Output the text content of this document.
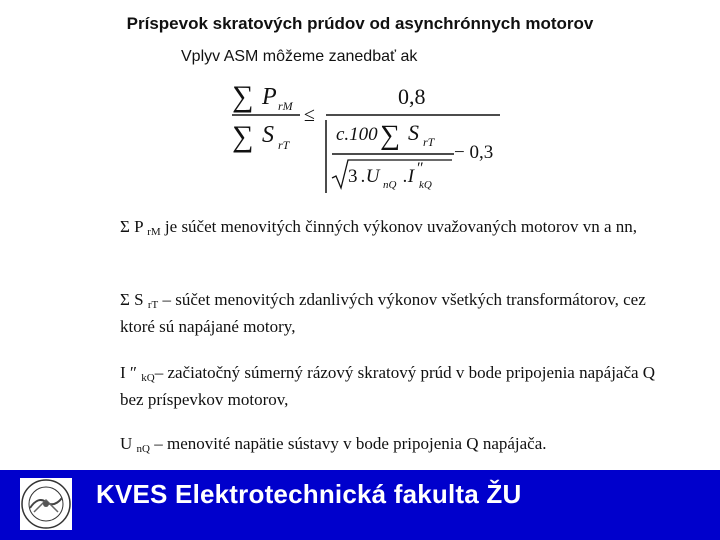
Príspevok skratových prúdov od asynchrónnych motorov
Vplyv ASM môžeme zanedbať ak
∑ P rM
∑ S rT
≤
0,8
c.100 ∑ S rT
3 .U nQ .I ″
kQ
− 0,3
Σ P $_{rM}$ je súčet menovitých činných výkonov uvažovaných motorov vn a nn,
Σ S $_{rT}$ – súčet menovitých zdanlivých výkonov všetkých transformátorov, cez ktoré sú napájané motory,
I ″ $_{kQ}$– začiatočný súmerný rázový skratový prúd v bode pripojenia napájača Q bez príspevkov motorov,
U $_{nQ}$ – menovité napätie sústavy v bode pripojenia Q napájača.
KVES Elektrotechnická fakulta ŽU
